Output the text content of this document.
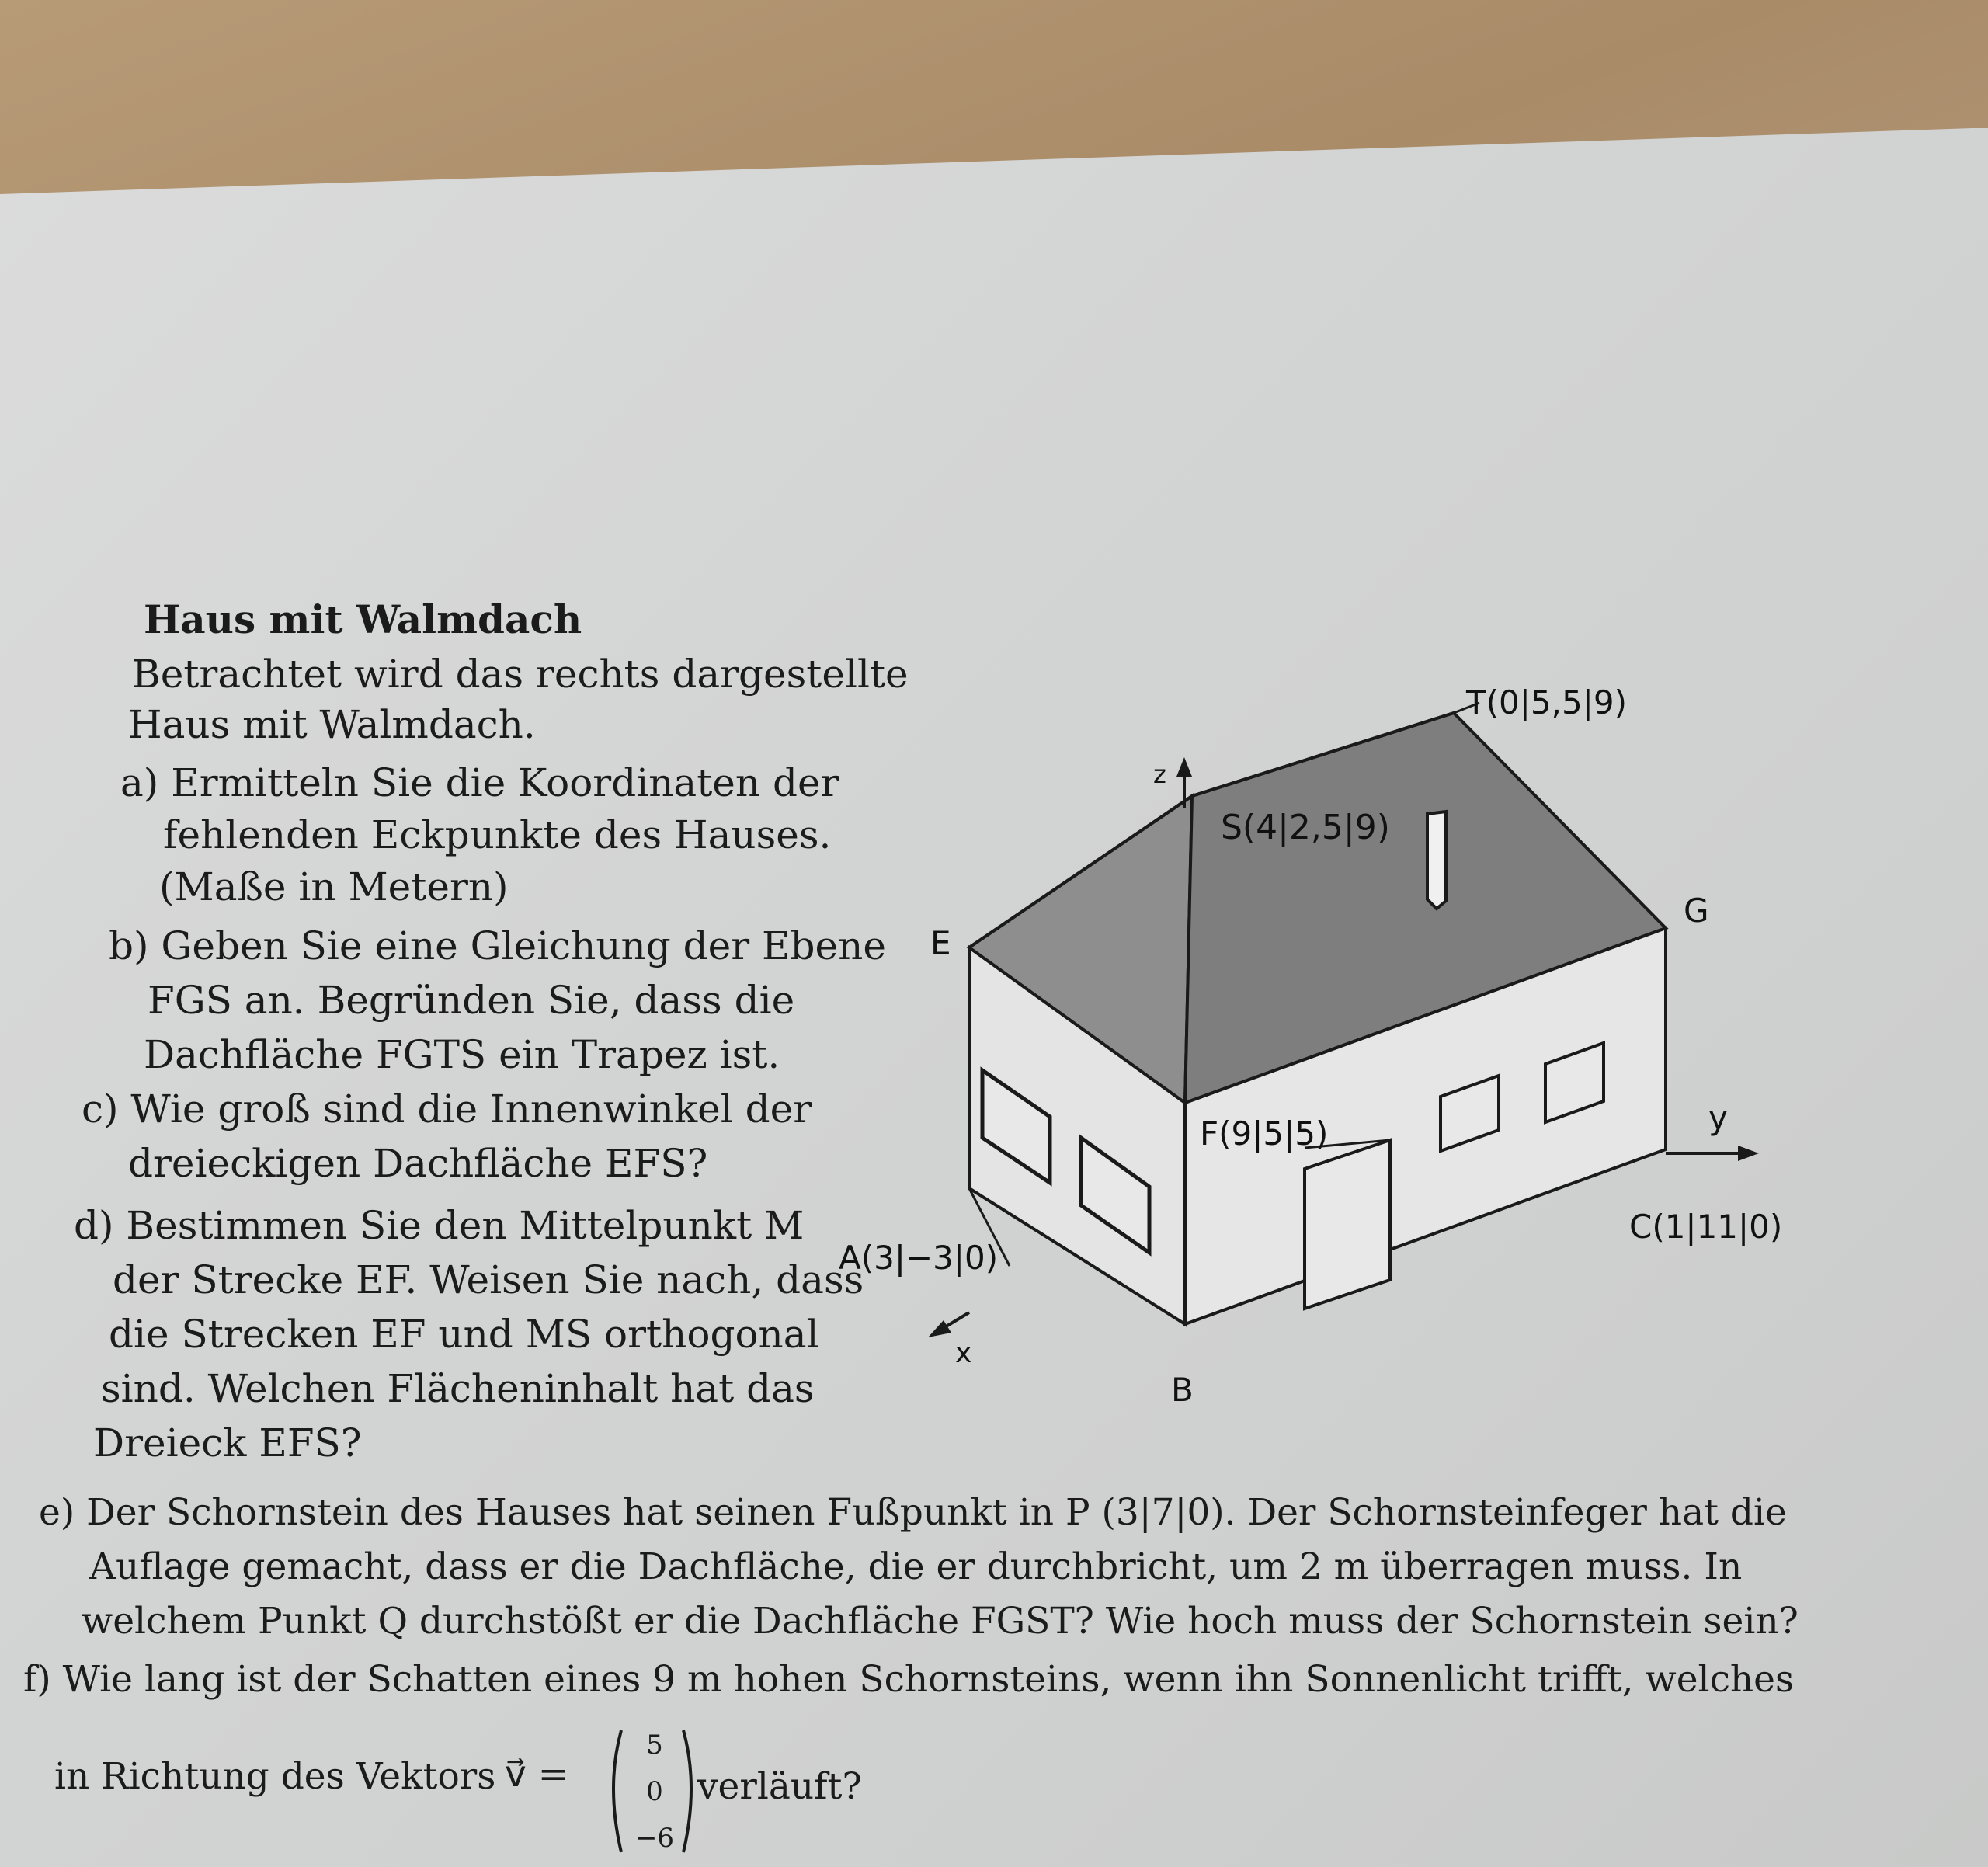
T(0|5,5|9)
z
S(4|2,5|9)
G
E
F(9|5|5)	y
C(1|11|0)
A(3|−3|0)
x
B
Haus mit Walmdach
Betrachtet wird das rechts dargestellte
Haus mit Walmdach.
a) Ermitteln Sie die Koordinaten der
fehlenden Eckpunkte des Hauses.
(Maße in Metern)
b) Geben Sie eine Gleichung der Ebene
FGS an. Begründen Sie, dass die
Dachfläche FGTS ein Trapez ist.
c) Wie groß sind die Innenwinkel der
dreieckigen Dachfläche EFS?
d) Bestimmen Sie den Mittelpunkt M
der Strecke EF. Weisen Sie nach, dass
die Strecken EF und MS orthogonal
sind. Welchen Flächeninhalt hat das
Dreieck EFS?
e) Der Schornstein des Hauses hat seinen Fußpunkt in P (3|7|0). Der Schornsteinfeger hat die
Auflage gemacht, dass er die Dachfläche, die er durchbricht, um 2 m überragen muss. In
welchem Punkt Q durchstößt er die Dachfläche FGST? Wie hoch muss der Schornstein sein?
f) Wie lang ist der Schatten eines 9 m hohen Schornsteins, wenn ihn Sonnenlicht trifft, welches
in Richtung des Vektors v⃗ =
5
0
−6
verläuft?
